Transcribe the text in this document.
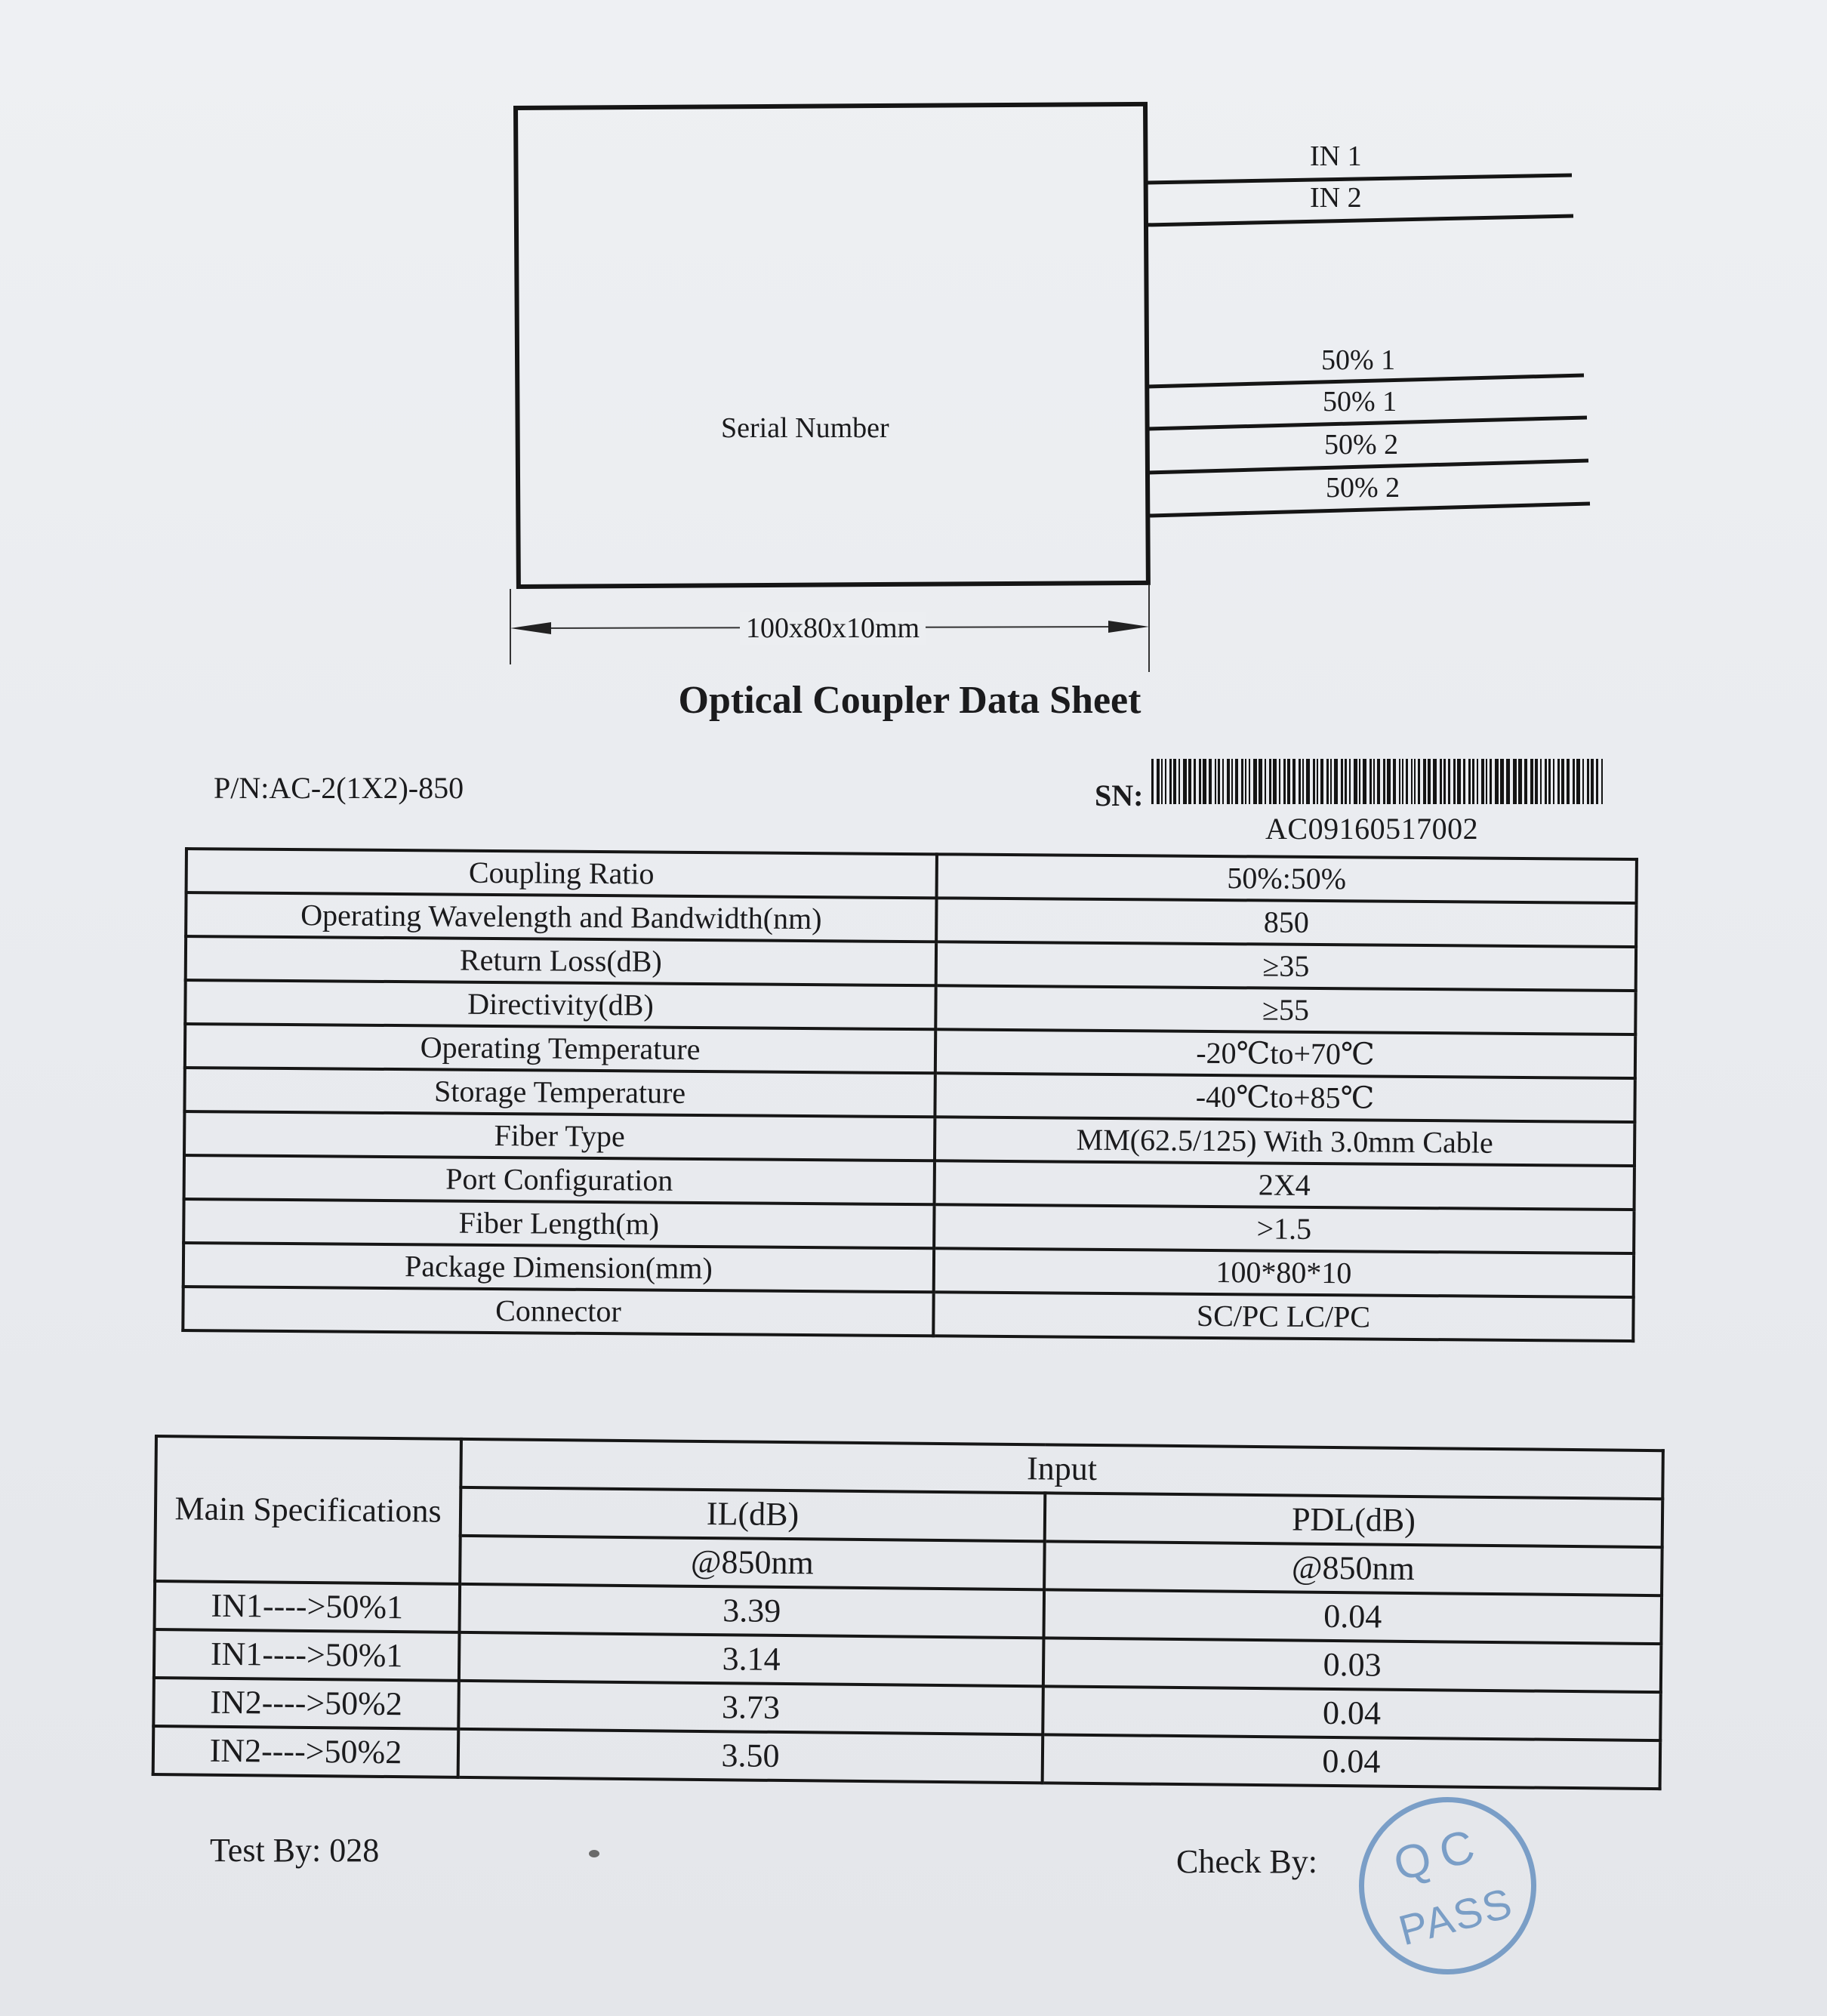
Serial Number
IN 1
IN 2
50% 1
50% 1
50% 2
50% 2
100x80x10mm
Optical Coupler Data Sheet
P/N:AC-2(1X2)-850	SN:
AC09160517002
Coupling Ratio	50%:50%
Operating Wavelength and Bandwidth(nm)	850
Return Loss(dB)	≥35
Directivity(dB)	≥55
Operating Temperature	-20℃to+70℃
Storage Temperature	-40℃to+85℃
Fiber Type	MM(62.5/125) With 3.0mm Cable
Port Configuration	2X4
Fiber Length(m)	>1.5
Package Dimension(mm)	100*80*10
Connector	SC/PC LC/PC
Main Specifications	Input	
	IL(dB)	PDL(dB)
	@850nm	@850nm
IN1---->50%1	3.39	0.04
IN1---->50%1	3.14	0.03
IN2---->50%2	3.73	0.04
IN2---->50%2	3.50	0.04
Test By: 028	Check By:	QC
PASS
